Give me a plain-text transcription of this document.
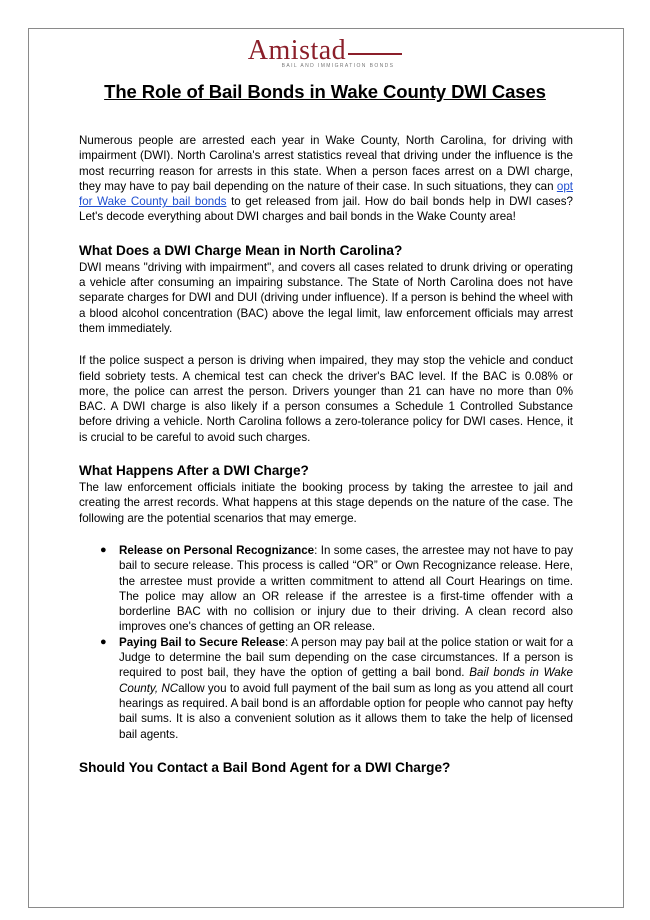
Amistad
BAIL AND IMMIGRATION BONDS
The Role of Bail Bonds in Wake County DWI Cases

Numerous people are arrested each year in Wake County, North Carolina, for driving with impairment (DWI). North Carolina's arrest statistics reveal that driving under the influence is the most recurring reason for arrests in this state. When a person faces arrest on a DWI charge, they may have to pay bail depending on the nature of their case. In such situations, they can opt for Wake County bail bonds to get released from jail. How do bail bonds help in DWI cases? Let's decode everything about DWI charges and bail bonds in the Wake County area!

What Does a DWI Charge Mean in North Carolina?

DWI means "driving with impairment", and covers all cases related to drunk driving or operating a vehicle after consuming an impairing substance. The State of North Carolina does not have separate charges for DWI and DUI (driving under influence). If a person is behind the wheel with a blood alcohol concentration (BAC) above the legal limit, law enforcement officials may arrest them immediately.

If the police suspect a person is driving when impaired, they may stop the vehicle and conduct field sobriety tests. A chemical test can check the driver's BAC level. If the BAC is 0.08% or more, the police can arrest the person. Drivers younger than 21 can have no more than 0% BAC. A DWI charge is also likely if a person consumes a Schedule 1 Controlled Substance before driving a vehicle. North Carolina follows a zero-tolerance policy for DWI cases. Hence, it is crucial to be careful to avoid such charges.

What Happens After a DWI Charge?

The law enforcement officials initiate the booking process by taking the arrestee to jail and creating the arrest records. What happens at this stage depends on the nature of the case. The following are the potential scenarios that may emerge.

● Release on Personal Recognizance: In some cases, the arrestee may not have to pay bail to secure release. This process is called “OR” or Own Recognizance release. Here, the arrestee must provide a written commitment to attend all Court Hearings on time. The police may allow an OR release if the arrestee is a first-time offender with a borderline BAC with no collision or injury due to their driving. A clean record also improves one's chances of getting an OR release.
● Paying Bail to Secure Release: A person may pay bail at the police station or wait for a Judge to determine the bail sum depending on the case circumstances. If a person is required to post bail, they have the option of getting a bail bond. Bail bonds in Wake County, NCallow you to avoid full payment of the bail sum as long as you attend all court hearings as required. A bail bond is an affordable option for people who cannot pay hefty bail sums. It is also a convenient solution as it allows them to take the help of licensed bail agents.
Should You Contact a Bail Bond Agent for a DWI Charge?
